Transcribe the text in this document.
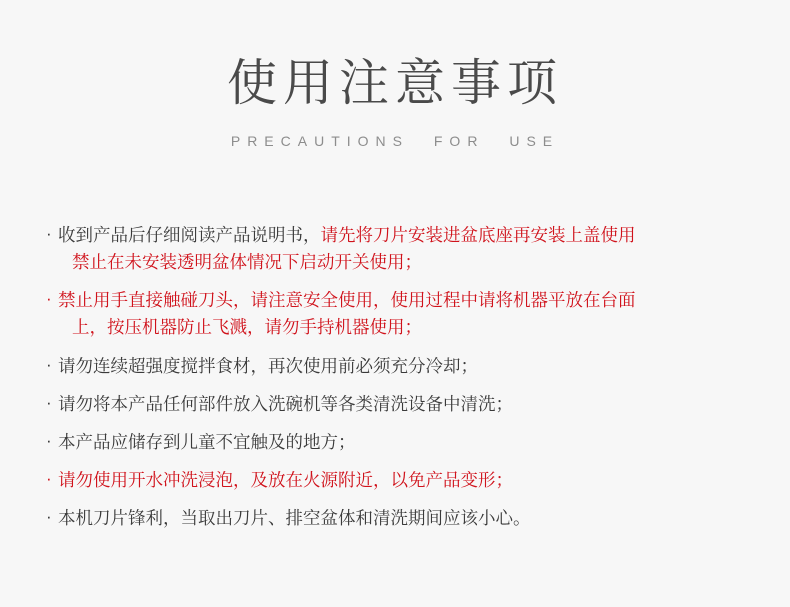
使用注意事项
PRECAUTIONS FOR USE
· 收到产品后仔细阅读产品说明书，请先将刀片安装进盆底座再安装上盖使用
禁止在未安装透明盆体情况下启动开关使用；
· 禁止用手直接触碰刀头，请注意安全使用，使用过程中请将机器平放在台面
上，按压机器防止飞溅，请勿手持机器使用；
· 请勿连续超强度搅拌食材，再次使用前必须充分冷却；
· 请勿将本产品任何部件放入洗碗机等各类清洗设备中清洗；
· 本产品应储存到儿童不宜触及的地方；
· 请勿使用开水冲洗浸泡，及放在火源附近，以免产品变形；
· 本机刀片锋利，当取出刀片、排空盆体和清洗期间应该小心。
